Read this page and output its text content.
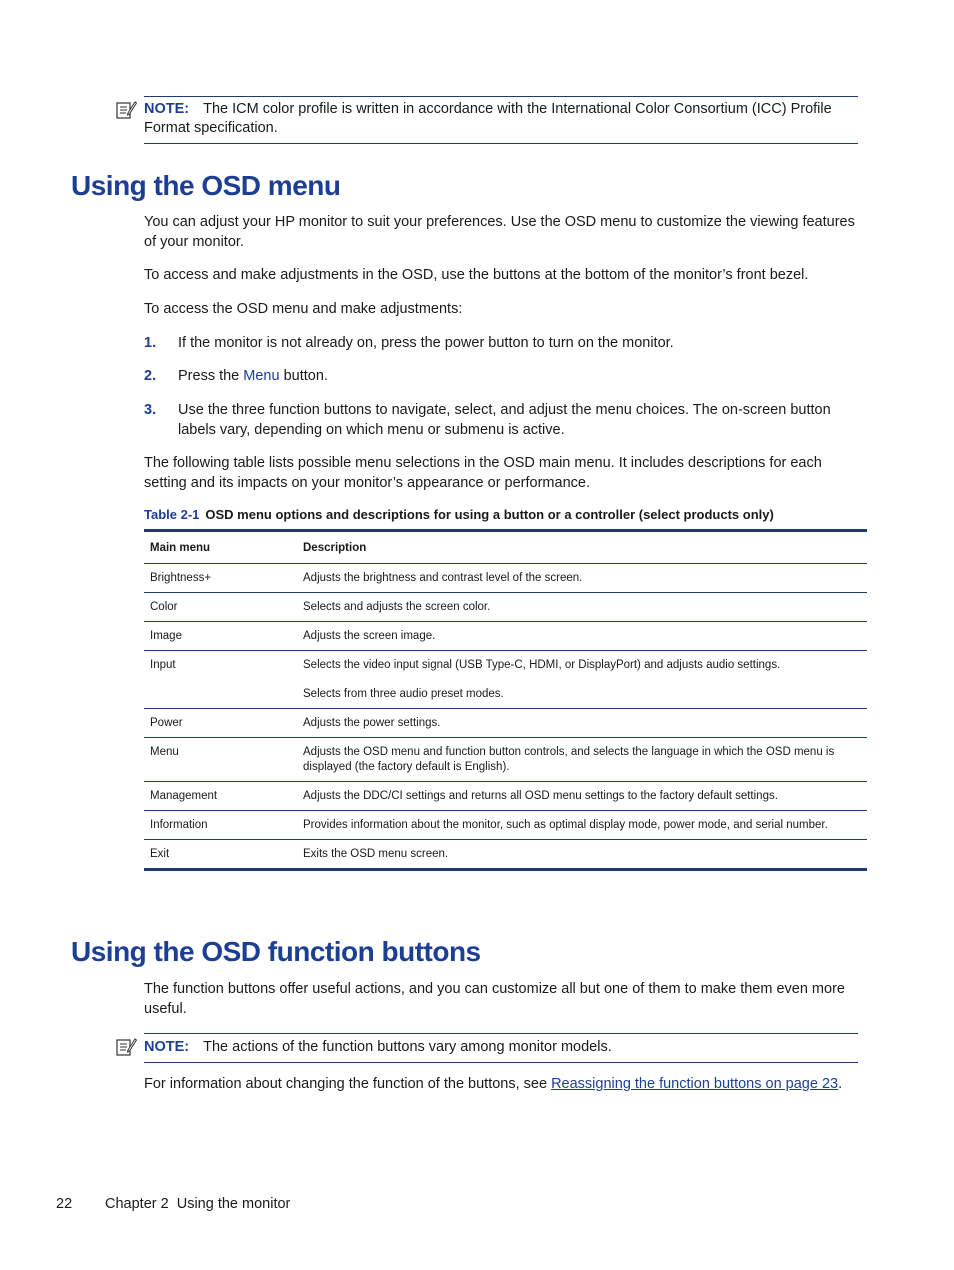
NOTE: The ICM color profile is written in accordance with the International Color Consortium (ICC) Profile Format specification.
Using the OSD menu

You can adjust your HP monitor to suit your preferences. Use the OSD menu to customize the viewing features of your monitor.

To access and make adjustments in the OSD, use the buttons at the bottom of the monitor’s front bezel.

To access the OSD menu and make adjustments:

1. If the monitor is not already on, press the power button to turn on the monitor.
2. Press the Menu button.
3. Use the three function buttons to navigate, select, and adjust the menu choices. The on-screen button labels vary, depending on which menu or submenu is active.

The following table lists possible menu selections in the OSD main menu. It includes descriptions for each setting and its impacts on your monitor’s appearance or performance.

Table 2-1 OSD menu options and descriptions for using a button or a controller (select products only)
Main menu	Description
Brightness+	Adjusts the brightness and contrast level of the screen.
Color	Selects and adjusts the screen color.
Image	Adjusts the screen image.
Input	Selects the video input signal (USB Type-C, HDMI, or DisplayPort) and adjusts audio settings.
Selects from three audio preset modes.

Power	Adjusts the power settings.
Menu	Adjusts the OSD menu and function button controls, and selects the language in which the OSD menu is displayed (the factory default is English).
Management	Adjusts the DDC/CI settings and returns all OSD menu settings to the factory default settings.
Information	Provides information about the monitor, such as optimal display mode, power mode, and serial number.
Exit	Exits the OSD menu screen.
Using the OSD function buttons

The function buttons offer useful actions, and you can customize all but one of them to make them even more useful.

NOTE: The actions of the function buttons vary among monitor models.

For information about changing the function of the buttons, see Reassigning the function buttons on page 23.

22 Chapter 2  Using the monitor
